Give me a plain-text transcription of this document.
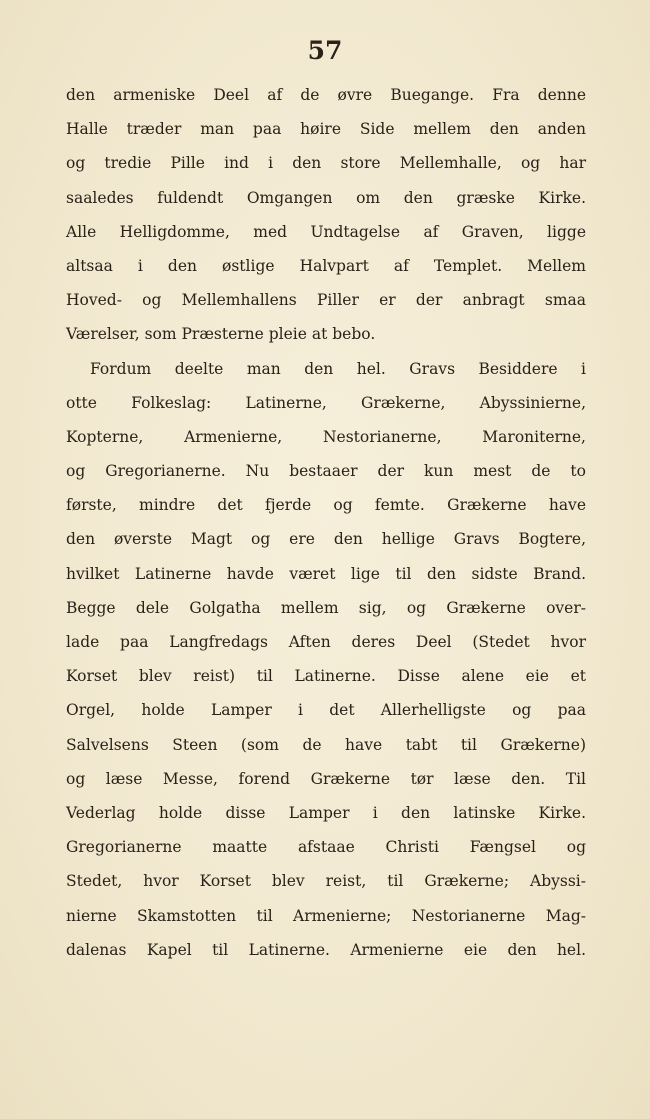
57
den armeniske Deel af de øvre Buegange. Fra denne
Halle træder man paa høire Side mellem den anden
og tredie Pille ind i den store Mellemhalle, og har
saaledes fuldendt Omgangen om den græske Kirke.
Alle Helligdomme, med Undtagelse af Graven, ligge
altsaa i den østlige Halvpart af Templet. Mellem
Hoved- og Mellemhallens Piller er der anbragt smaa
Værelser, som Præsterne pleie at bebo.
Fordum deelte man den hel. Gravs Besiddere i
otte Folkeslag: Latinerne, Grækerne, Abyssinierne,
Kopterne, Armenierne, Nestorianerne, Maroniterne,
og Gregorianerne. Nu bestaaer der kun mest de to
første, mindre det fjerde og femte. Grækerne have
den øverste Magt og ere den hellige Gravs Bogtere,
hvilket Latinerne havde været lige til den sidste Brand.
Begge dele Golgatha mellem sig, og Grækerne over-
lade paa Langfredags Aften deres Deel (Stedet hvor
Korset blev reist) til Latinerne. Disse alene eie et
Orgel, holde Lamper i det Allerhelligste og paa
Salvelsens Steen (som de have tabt til Grækerne)
og læse Messe, forend Grækerne tør læse den. Til
Vederlag holde disse Lamper i den latinske Kirke.
Gregorianerne maatte afstaae Christi Fængsel og
Stedet, hvor Korset blev reist, til Grækerne; Abyssi-
nierne Skamstotten til Armenierne; Nestorianerne Mag-
dalenas Kapel til Latinerne. Armenierne eie den hel.
